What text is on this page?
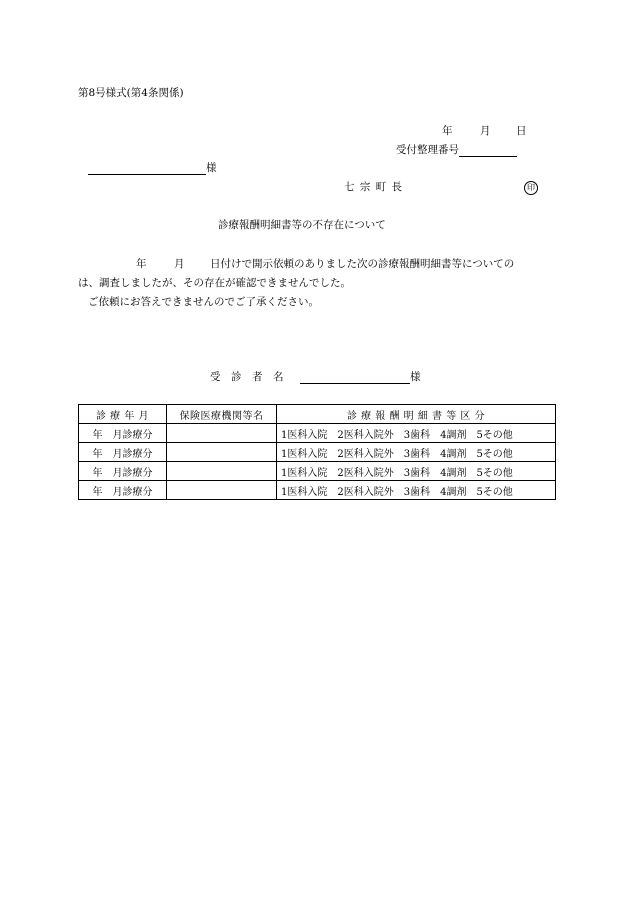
第8号様式(第4条関係)
年	月 日
受付整理番号
様
七 宗 町 長	印
診療報酬明細書等の不存在について
年	月 日付けで開示依頼のありました次の診療報酬明細書等についての
は、調査しましたが、その存在が確認できませんでした。
ご依頼にお答えできませんのでご了承ください。
受　診　者　名	様
診 療 年 月	保険医療機関等名	診 療 報 酬 明 細 書 等 区 分
年　月診療分		1医科入院　2医科入院外　3歯科　4調剤　5その他
年　月診療分		1医科入院　2医科入院外　3歯科　4調剤　5その他
年　月診療分		1医科入院　2医科入院外　3歯科　4調剤　5その他
年　月診療分		1医科入院　2医科入院外　3歯科　4調剤　5その他
